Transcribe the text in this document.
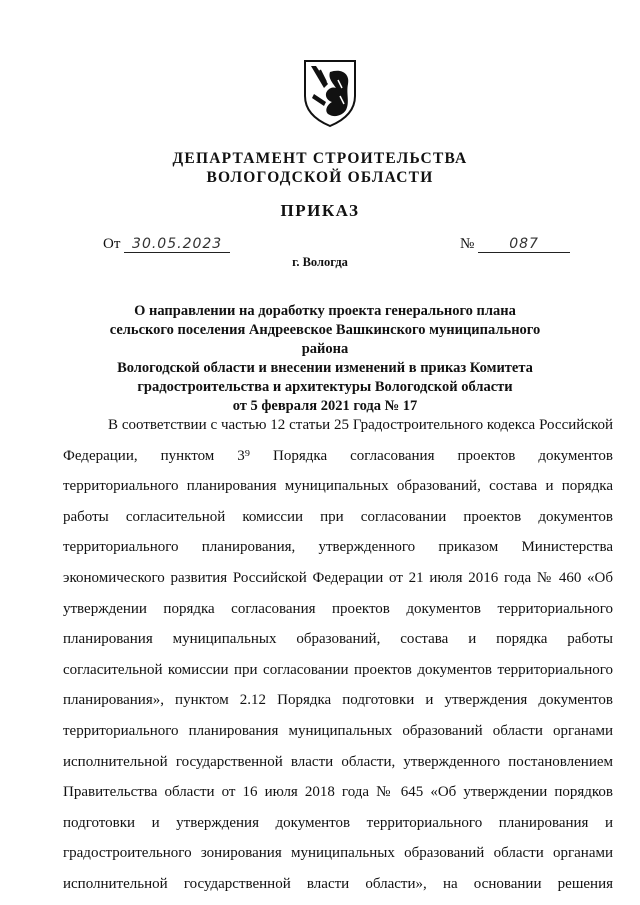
ДЕПАРТАМЕНТ СТРОИТЕЛЬСТВА
ВОЛОГОДСКОЙ ОБЛАСТИ
ПРИКАЗ
От 30.05.2023	№ 087
г. Вологда
О направлении на доработку проекта генерального плана
сельского поселения Андреевское Вашкинского муниципального района
Вологодской области и внесении изменений в приказ Комитета
градостроительства и архитектуры Вологодской области
от 5 февраля 2021 года № 17
В соответствии с частью 12 статьи 25 Градостроительного кодекса Российской
Федерации, пунктом 3⁹ Порядка согласования проектов документов
территориального планирования муниципальных образований, состава и порядка
работы согласительной комиссии при согласовании проектов документов
территориального планирования, утвержденного приказом Министерства
экономического развития Российской Федерации от 21 июля 2016 года № 460 «Об
утверждении порядка согласования проектов документов территориального
планирования муниципальных образований, состава и порядка работы
согласительной комиссии при согласовании проектов документов территориального
планирования», пунктом 2.12 Порядка подготовки и утверждения документов
территориального планирования муниципальных образований области органами
исполнительной государственной власти области, утвержденного постановлением
Правительства области от 16 июля 2018 года № 645 «Об утверждении порядков
подготовки и утверждения документов территориального планирования и
градостроительного зонирования муниципальных образований области органами
исполнительной государственной власти области», на основании решения
